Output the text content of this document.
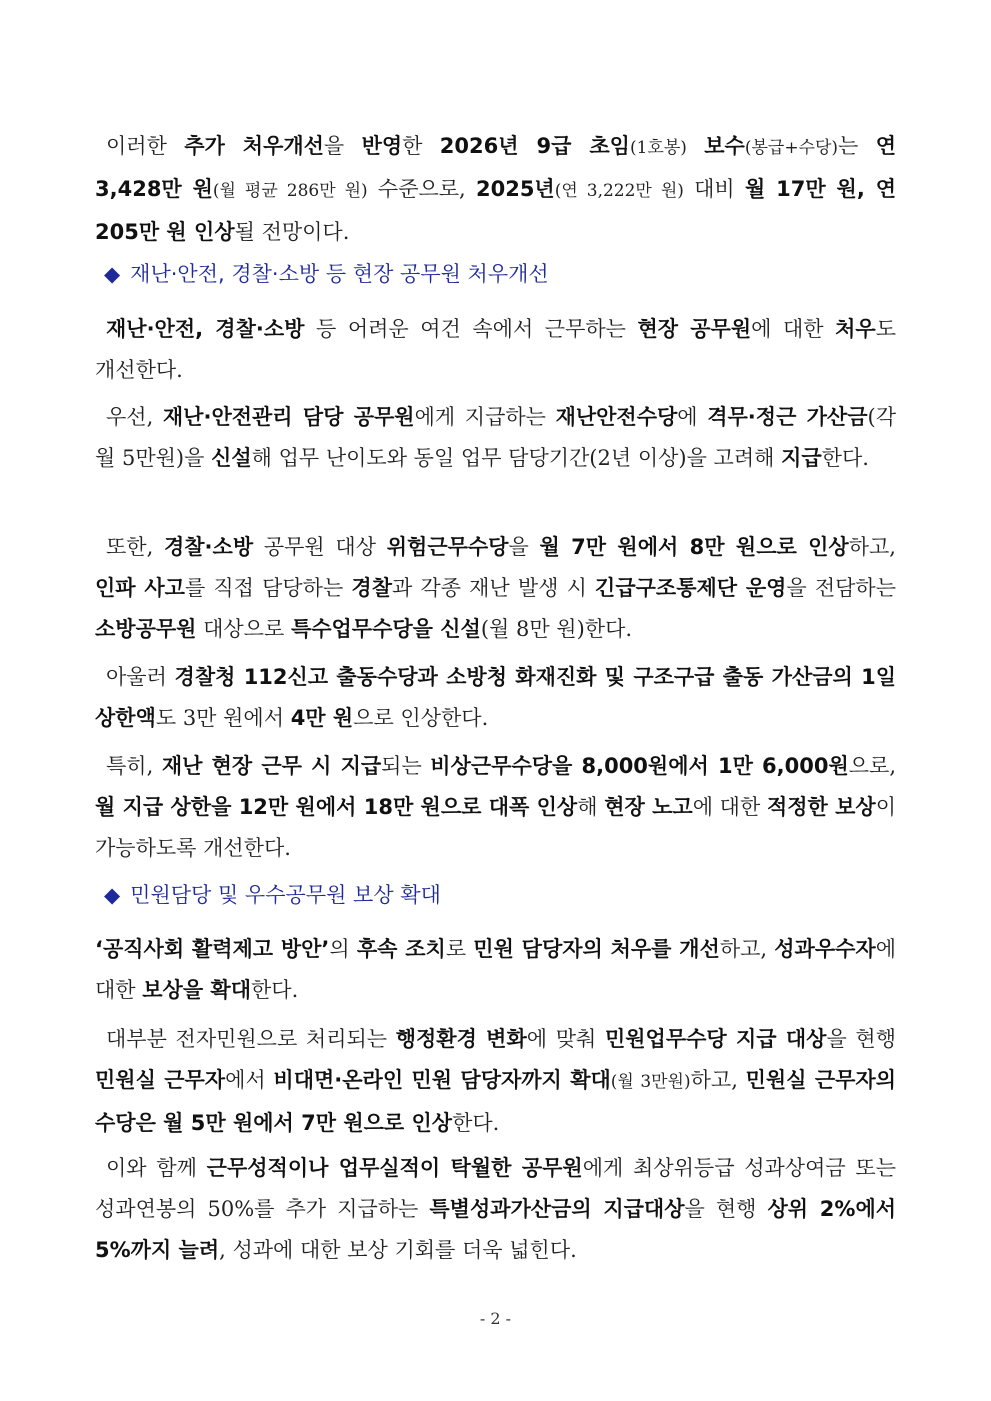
이러한 추가 처우개선을 반영한 2026년 9급 초임(1호봉) 보수(봉급+수당)는 연 3,428만 원(월 평균 286만 원) 수준으로, 2025년(연 3,222만 원) 대비 월 17만 원, 연 205만 원 인상될 전망이다.
◆ 재난·안전, 경찰·소방 등 현장 공무원 처우개선
재난·안전, 경찰·소방 등 어려운 여건 속에서 근무하는 현장 공무원에 대한 처우도 개선한다.
우선, 재난·안전관리 담당 공무원에게 지급하는 재난안전수당에 격무·정근 가산금(각 월 5만원)을 신설해 업무 난이도와 동일 업무 담당기간(2년 이상)을 고려해 지급한다.
또한, 경찰·소방 공무원 대상 위험근무수당을 월 7만 원에서 8만 원으로 인상하고, 인파 사고를 직접 담당하는 경찰과 각종 재난 발생 시 긴급구조통제단 운영을 전담하는 소방공무원 대상으로 특수업무수당을 신설(월 8만 원)한다.
아울러 경찰청 112신고 출동수당과 소방청 화재진화 및 구조구급 출동 가산금의 1일 상한액도 3만 원에서 4만 원으로 인상한다.
특히, 재난 현장 근무 시 지급되는 비상근무수당을 8,000원에서 1만 6,000원으로, 월 지급 상한을 12만 원에서 18만 원으로 대폭 인상해 현장 노고에 대한 적정한 보상이 가능하도록 개선한다.
◆ 민원담당 및 우수공무원 보상 확대
‘공직사회 활력제고 방안’의 후속 조치로 민원 담당자의 처우를 개선하고, 성과우수자에 대한 보상을 확대한다.
대부분 전자민원으로 처리되는 행정환경 변화에 맞춰 민원업무수당 지급 대상을 현행 민원실 근무자에서 비대면·온라인 민원 담당자까지 확대(월 3만원)하고, 민원실 근무자의 수당은 월 5만 원에서 7만 원으로 인상한다.
이와 함께 근무성적이나 업무실적이 탁월한 공무원에게 최상위등급 성과상여금 또는 성과연봉의 50%를 추가 지급하는 특별성과가산금의 지급대상을 현행 상위 2%에서 5%까지 늘려, 성과에 대한 보상 기회를 더욱 넓힌다.
- 2 -
